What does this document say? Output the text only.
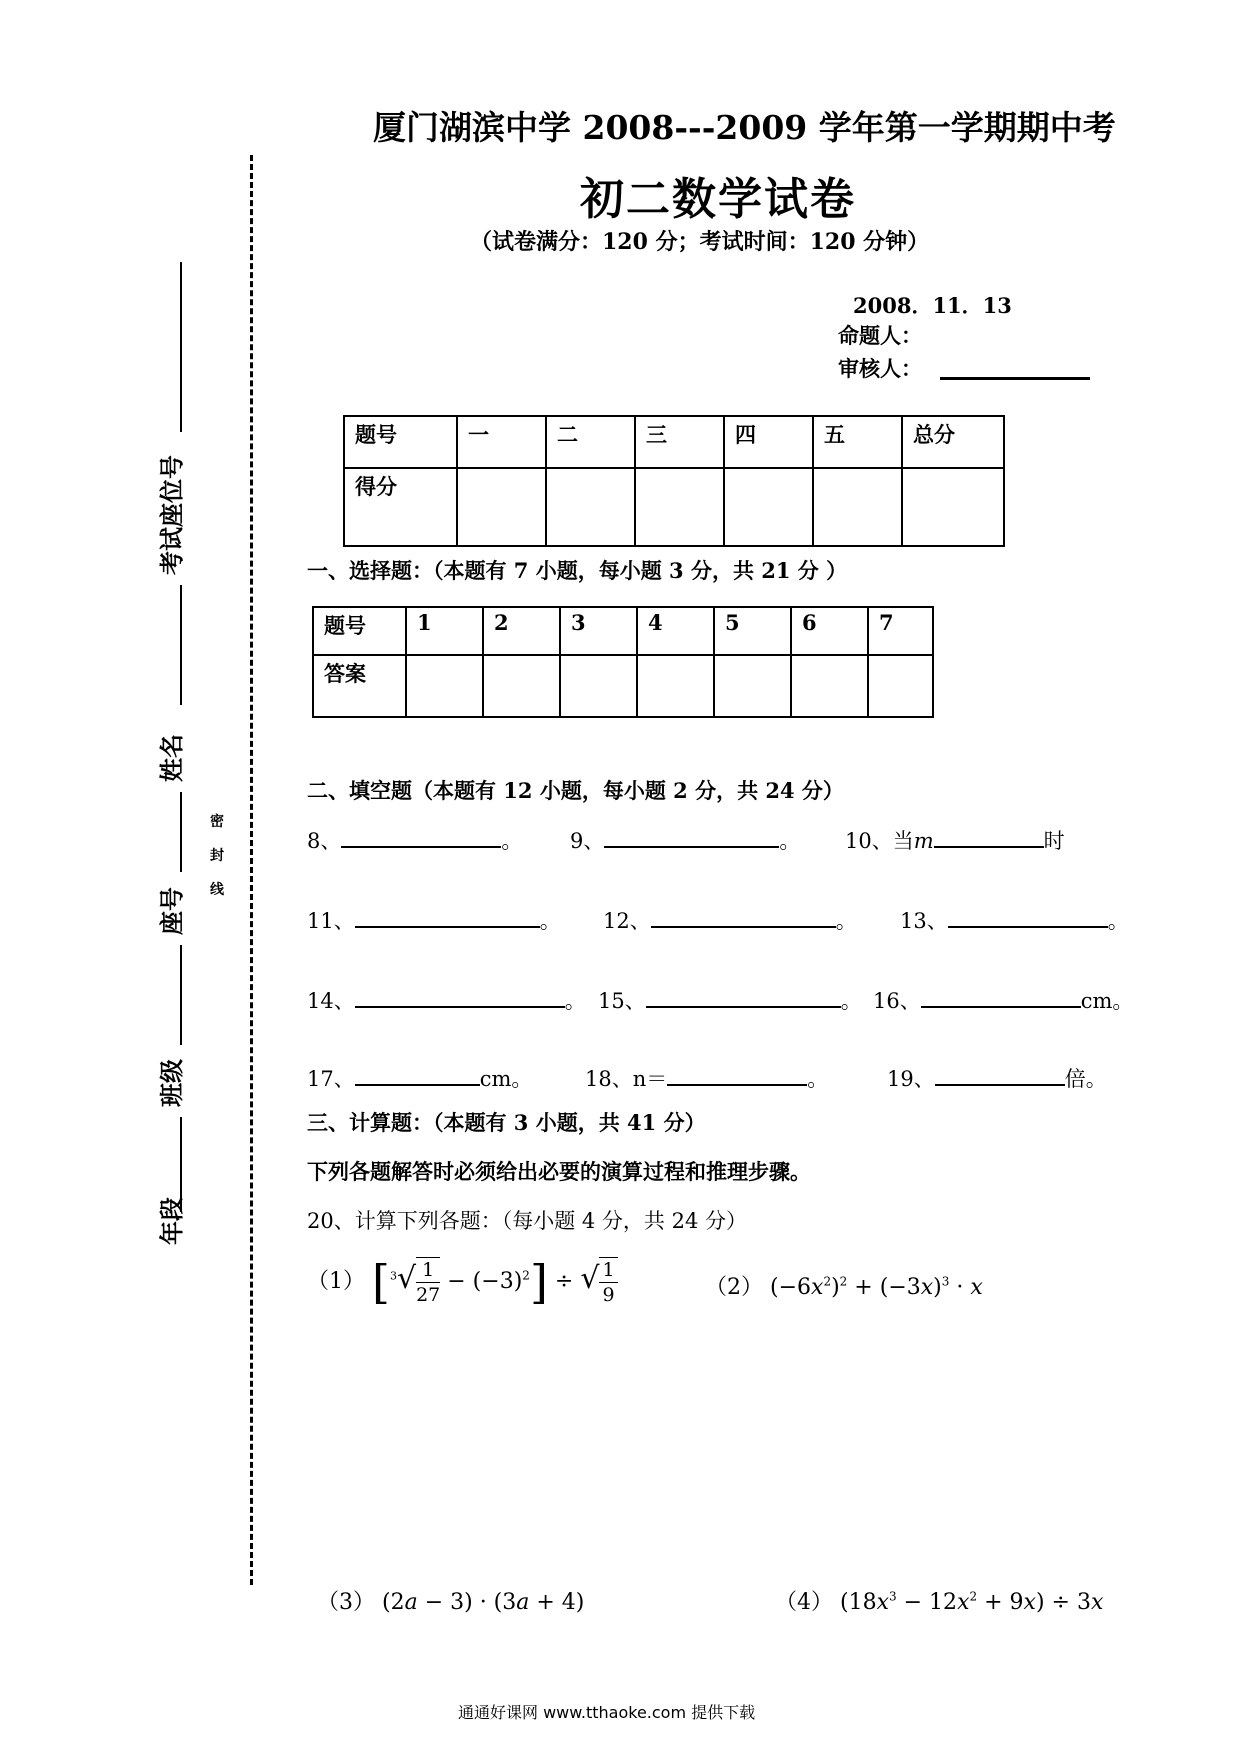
考试座位号
姓名
座号
班级
年段
密
封
线
厦门湖滨中学 2008---2009 学年第一学期期中考
初二数学试卷
（试卷满分：120 分；考试时间：120 分钟）
2008．11．13
命题人：
审核人：
题号	一	二	三	四	五	总分
得分						
一、选择题：（本题有 7 小题，每小题 3 分，共 21 分 ）
题号	1	2	3	4	5	6	7
答案							
二、填空题（本题有 12 小题，每小题 2 分，共 24 分）
8、	。 9、	。 10、当m	时
11、	。 12、	。 13、	。
14、	。 15、	。 16、	cm。
17、	cm。	18、n＝	。	19、	倍。
三、计算题：（本题有 3 小题，共 41 分）
下列各题解答时必须给出必要的演算过程和推理步骤。
20、计算下列各题：（每小题 4 分，共 24 分）
（1） $[^3√ \frac{1}{27} - (-3)^2]$ ÷ √ $\frac{1}{9}$	（2） $(-6x^2)^2 + (-3x)^3 \cdot x$
（3） (2a − 3) · (3a + 4)	（4） $(18x^3 - 12x^2 + 9x) \div 3x$
通通好课网 www.tthaoke.com 提供下载
